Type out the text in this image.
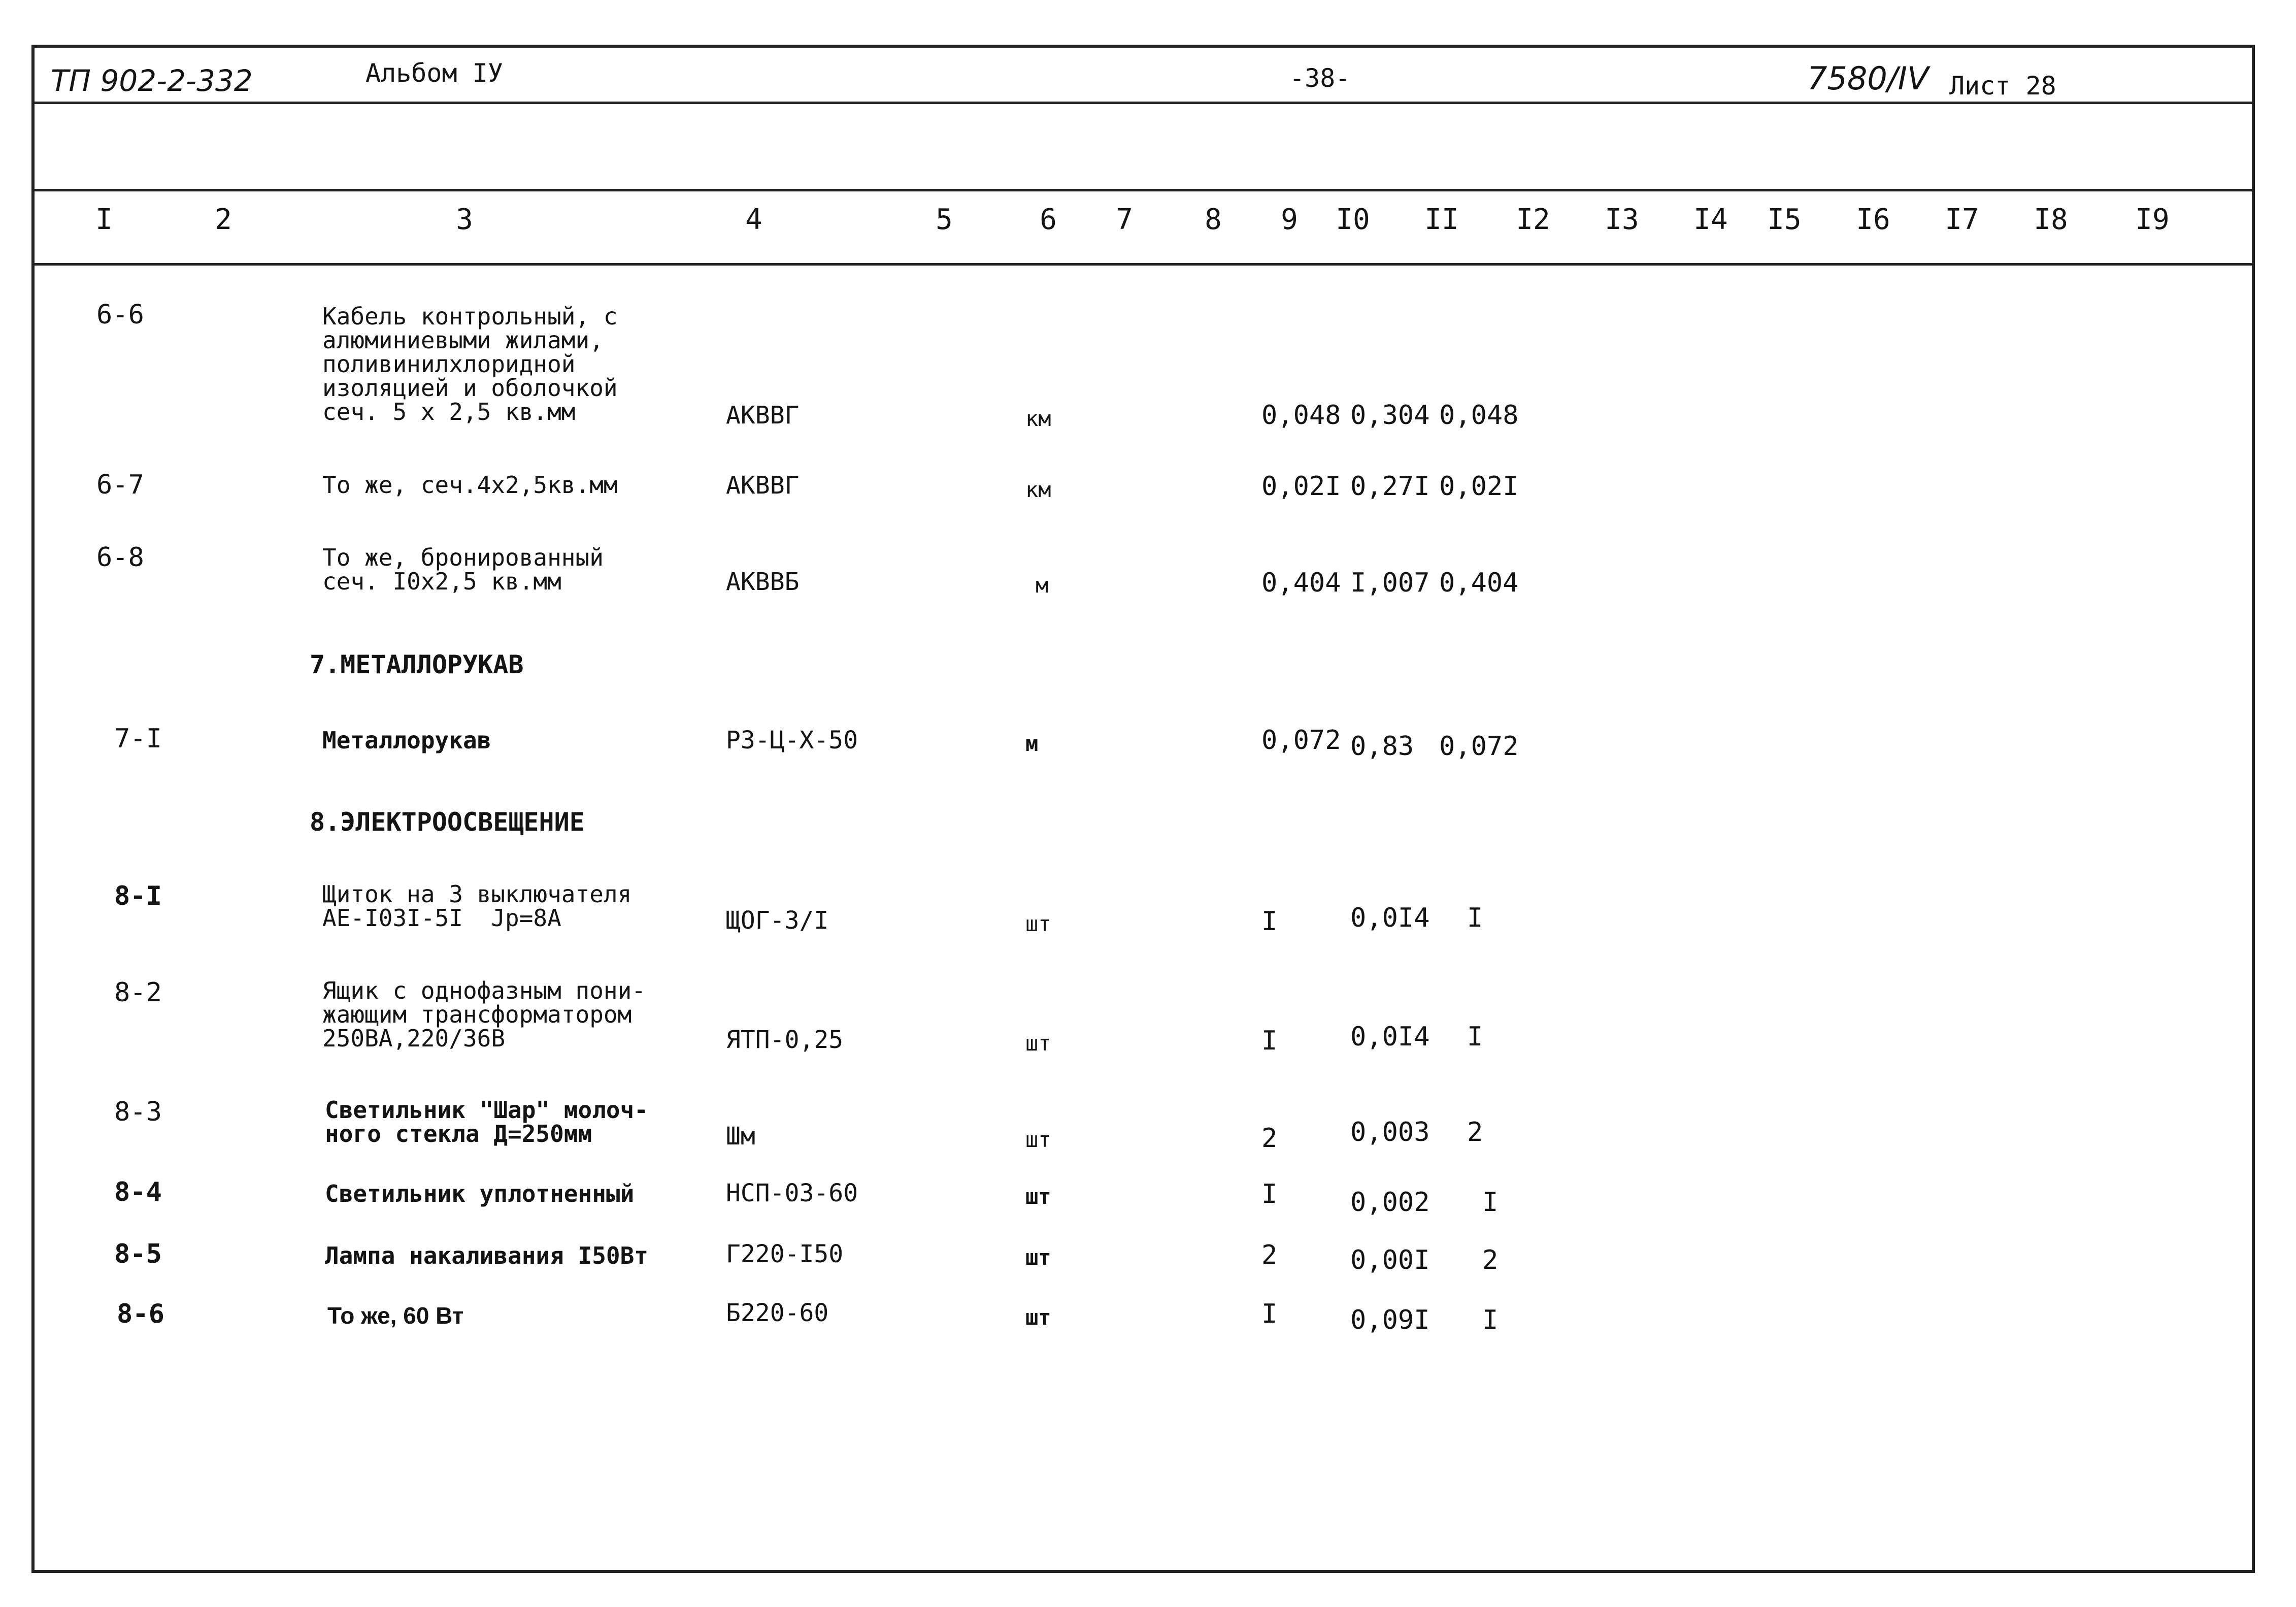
ТП 902-2-332	Альбом IУ	-38-	7580/IV Лист 28
I	2	3	4	5	6 7	8 9 I0 II I2 I3 I4 I5 I6 I7 I8 I9
6-6	Кабель контрольный, с
алюминиевыми жилами,
поливинилхлоридной
изоляцией и оболочкой
сеч. 5 х 2,5 кв.мм	АКВВГ	км	0,048 0,304 0,048
6-7	То же, сеч.4х2,5кв.мм	АКВВГ	км	0,02I 0,27I 0,02I
6-8	То же, бронированный
сеч. I0х2,5 кв.мм	АКВВБ	м	0,404 I,007 0,404
7.МЕТАЛЛОРУКАВ
7-I	Металлорукав	РЗ-Ц-Х-50	м	0,072 0,83 0,072
8.ЭЛЕКТРООСВЕЩЕНИЕ
8-I	Щиток на 3 выключателя
АЕ-I03I-5I  Jр=8А	ЩОГ-3/I	шт	I	0,0I4 I
8-2	Ящик с однофазным пони-
жающим трансформатором
250ВА,220/36В	ЯТП-0,25	шт	I	0,0I4 I
8-3	Светильник "Шар" молоч-
ного стекла Д=250мм	Шм	шт	2	0,003 2
8-4	Светильник уплотненный	НСП-03-60	шт	I	0,002 I
8-5	Лампа накаливания I50Вт	Г220-I50	шт	2	0,00I 2
8-6	То же, 60 Вт	Б220-60	шт	I	0,09I I
